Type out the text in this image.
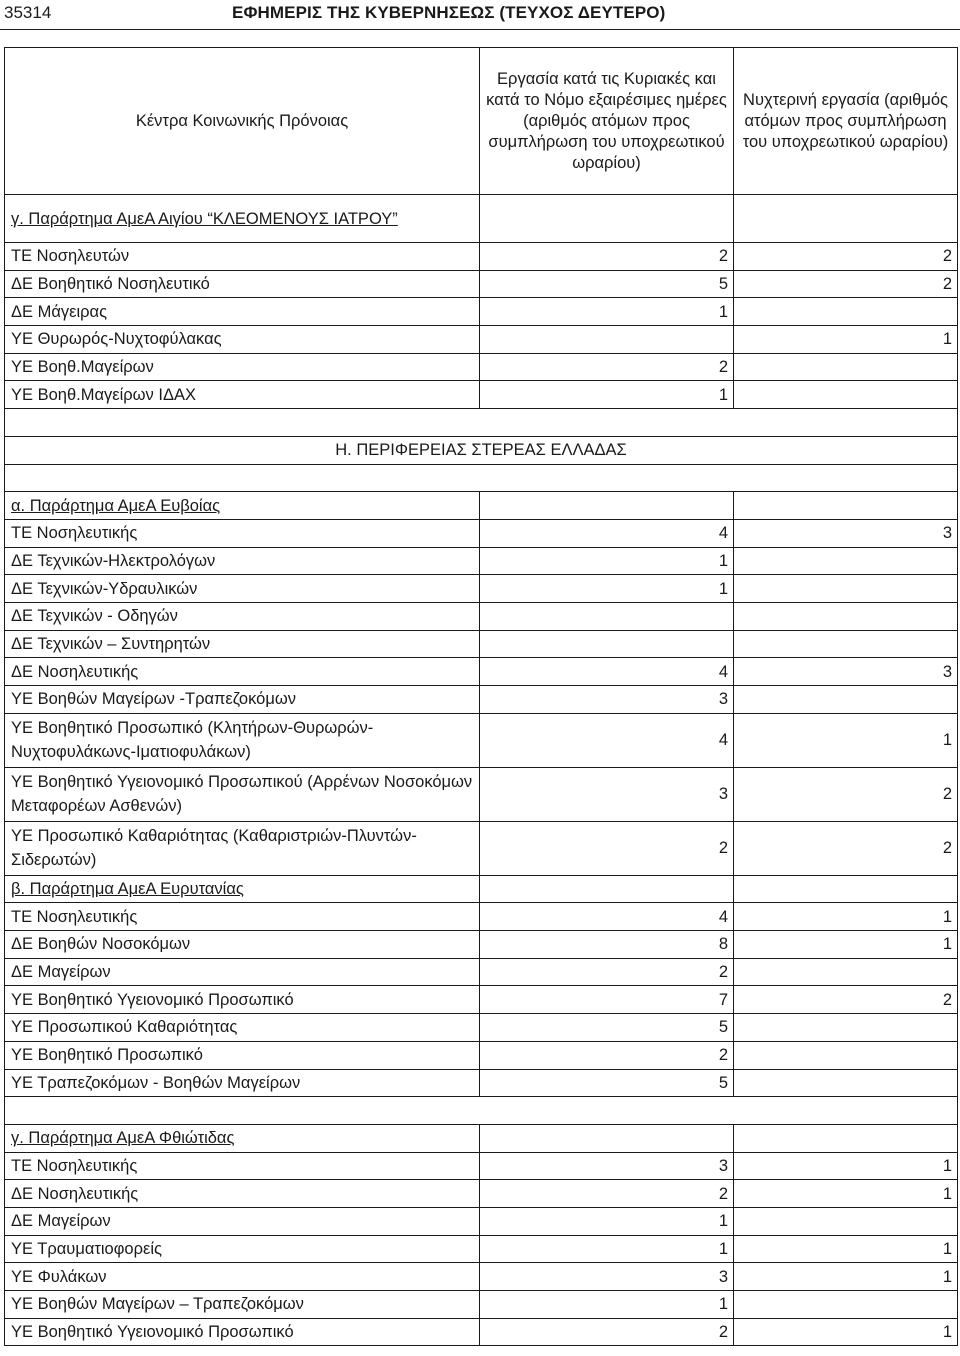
35314	ΕΦΗΜΕΡΙΣ ΤΗΣ ΚΥΒΕΡΝΗΣΕΩΣ (ΤΕΥΧΟΣ ΔΕΥΤΕΡΟ)
Κέντρα Κοινωνικής Πρόνοιας	Εργασία κατά τις Κυριακές και κατά το Νόμο εξαιρέσιμες ημέρες (αριθμός ατόμων προς συμπλήρωση του υποχρεωτικού ωραρίου)	Νυχτερινή εργασία (αριθμός ατόμων προς συμπλήρωση του υποχρεωτικού ωραρίου)
γ. Παράρτημα ΑμεΑ Αιγίου “ΚΛΕΟΜΕΝΟΥΣ ΙΑΤΡΟΥ”		
ΤΕ Νοσηλευτών	2	2
ΔΕ Βοηθητικό Νοσηλευτικό	5	2
ΔΕ Μάγειρας	1	
ΥΕ Θυρωρός-Νυχτοφύλακας		1
ΥΕ Βοηθ.Μαγείρων	2	
ΥΕ Βοηθ.Μαγείρων ΙΔΑΧ	1	

Η. ΠΕΡΙΦΕΡΕΙΑΣ ΣΤΕΡΕΑΣ ΕΛΛΑΔΑΣ		

α. Παράρτημα ΑμεΑ Ευβοίας		
ΤΕ Νοσηλευτικής	4	3
ΔΕ Τεχνικών-Ηλεκτρολόγων	1	
ΔΕ Τεχνικών-Υδραυλικών	1	
ΔΕ Τεχνικών - Οδηγών		
ΔΕ Τεχνικών – Συντηρητών		
ΔΕ Νοσηλευτικής	4	3
ΥΕ Βοηθών Μαγείρων -Τραπεζοκόμων	3	
ΥΕ Βοηθητικό Προσωπικό (Κλητήρων-Θυρωρών-Νυχτοφυλάκωνς-Ιματιοφυλάκων)	4	1
ΥΕ Βοηθητικό Υγειονομικό Προσωπικού (Αρρένων Νοσοκόμων Μεταφορέων Ασθενών)	3	2
ΥΕ Προσωπικό Καθαριότητας (Καθαριστριών-Πλυντών-Σιδερωτών)	2	2
β. Παράρτημα ΑμεΑ Ευρυτανίας		
ΤΕ Νοσηλευτικής	4	1
ΔΕ Βοηθών Νοσοκόμων	8	1
ΔΕ Μαγείρων	2	
ΥΕ Βοηθητικό Υγειονομικό Προσωπικό	7	2
ΥΕ Προσωπικού Καθαριότητας	5	
ΥΕ Βοηθητικό Προσωπικό	2	
ΥΕ Τραπεζοκόμων - Βοηθών Μαγείρων	5	

γ. Παράρτημα ΑμεΑ Φθιώτιδας		
ΤΕ Νοσηλευτικής	3	1
ΔΕ Νοσηλευτικής	2	1
ΔΕ Μαγείρων	1	
ΥΕ Τραυματιοφορείς	1	1
ΥΕ Φυλάκων	3	1
ΥΕ Βοηθών Μαγείρων – Τραπεζοκόμων	1	
ΥΕ Βοηθητικό Υγειονομικό Προσωπικό	2	1
